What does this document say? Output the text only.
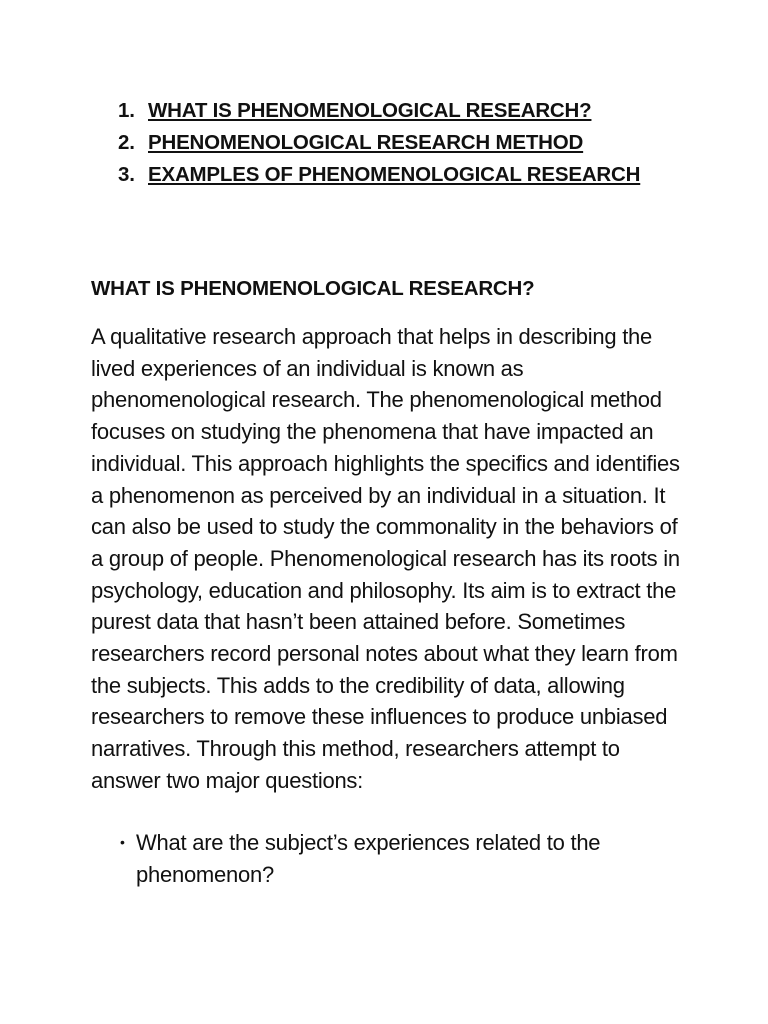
1. WHAT IS PHENOMENOLOGICAL RESEARCH?
2. PHENOMENOLOGICAL RESEARCH METHOD
3. EXAMPLES OF PHENOMENOLOGICAL RESEARCH
WHAT IS PHENOMENOLOGICAL RESEARCH?

A qualitative research approach that helps in describing the lived experiences of an individual is known as phenomenological research. The phenomenological method focuses on studying the phenomena that have impacted an individual. This approach highlights the specifics and identifies a phenomenon as perceived by an individual in a situation. It can also be used to study the commonality in the behaviors of a group of people. Phenomenological research has its roots in psychology, education and philosophy. Its aim is to extract the purest data that hasn’t been attained before. Sometimes researchers record personal notes about what they learn from the subjects. This adds to the credibility of data, allowing researchers to remove these influences to produce unbiased narratives. Through this method, researchers attempt to answer two major questions:

• What are the subject’s experiences related to the phenomenon?
